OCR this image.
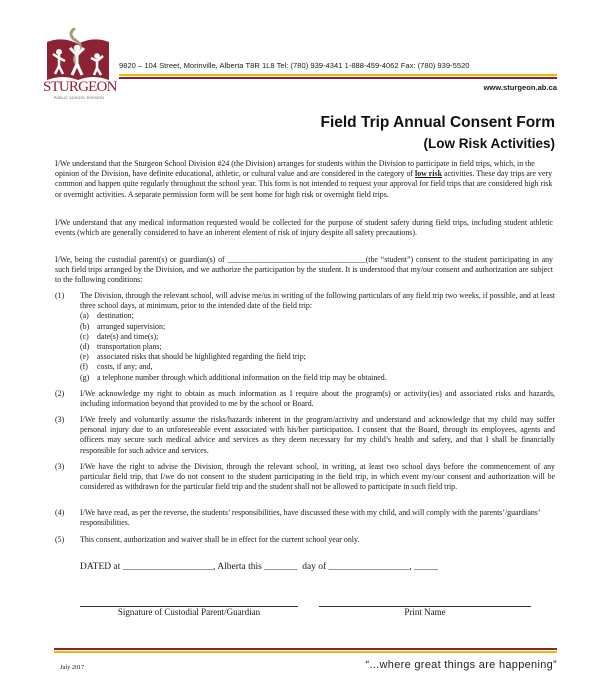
STURGEON
PUBLIC SCHOOL DIVISION
9820 – 104 Street, Morinville, Alberta T8R 1L8 Tel: (780) 939-4341 1-888-459-4062 Fax: (780) 939-5520
www.sturgeon.ab.ca
Field Trip Annual Consent Form
(Low Risk Activities)
I/We understand that the Sturgeon School Division #24 (the Division) arranges for students within the Division to participate in field trips, which, in the opinion of the Division, have definite educational, athletic, or cultural value and are considered in the category of low risk activities. These day trips are very common and happen quite regularly throughout the school year. This form is not intended to request your approval for field trips that are considered high risk or overnight activities. A separate permission form will be sent home for high risk or overnight field trips.
I/We understand that any medical information requested would be collected for the purpose of student safety during field trips, including student athletic events (which are generally considered to have an inherent element of risk of injury despite all safety precautions).
I/We, being the custodial parent(s) or guardian(s) of ___________________________________(the “student”) consent to the student participating in any such field trips arranged by the Division, and we authorize the participation by the student. It is understood that my/our consent and authorization are subject to the following conditions:
(1)	The Division, through the relevant school, will advise me/us in writing of the following particulars of any field trip two weeks, if possible, and at least three school days, at minimum, prior to the intended date of the field trip:
(a)	destination;
(b) arranged supervision;
(c)	date(s) and time(s);
(d) transportation plans;
(e)	associated risks that should be highlighted regarding the field trip;
(f)	costs, if any; and,
(g) a telephone number through which additional information on the field trip may be obtained.
(2)	I/We acknowledge my right to obtain as much information as I require about the program(s) or activity(ies) and associated risks and hazards, including information beyond that provided to me by the school or Board.
(3)	I/We freely and voluntarily assume the risks/hazards inherent in the program/activity and understand and acknowledge that my child may suffer personal injury due to an unforeseeable event associated with his/her participation. I consent that the Board, through its employees, agents and officers may secure such medical advice and services as they deem necessary for my child’s health and safety, and that I shall be financially responsible for such advice and services.
(3)	I/We have the right to advise the Division, through the relevant school, in writing, at least two school days before the commencement of any particular field trip, that I/we do not consent to the student participating in the field trip, in which event my/our consent and authorization will be considered as withdrawn for the particular field trip and the student shall not be allowed to participate in such field trip.
(4)	I/We have read, as per the reverse, the students’ responsibilities, have discussed these with my child, and will comply with the parents’/guardians’ responsibilities.
(5)	This consent, authorization and waiver shall be in effect for the current school year only.
DATED at ___________________, Alberta this _______ day of _________________, _____
Signature of Custodial Parent/Guardian	Print Name
July 2017	“...where great things are happening”
